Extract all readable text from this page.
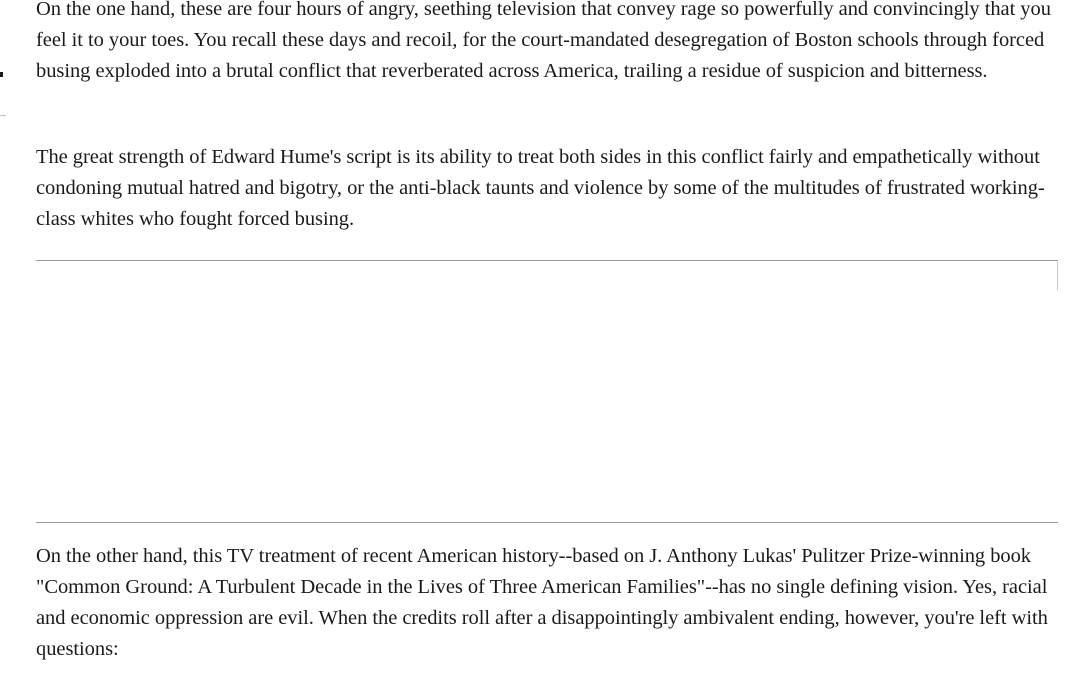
On the one hand, these are four hours of angry, seething television that convey rage so powerfully and convincingly that you feel it to your toes. You recall these days and recoil, for the court-mandated desegregation of Boston schools through forced busing exploded into a brutal conflict that reverberated across America, trailing a residue of suspicion and bitterness.

The great strength of Edward Hume's script is its ability to treat both sides in this conflict fairly and empathetically without condoning mutual hatred and bigotry, or the anti-black taunts and violence by some of the multitudes of frustrated working-class whites who fought forced busing.

On the other hand, this TV treatment of recent American history--based on J. Anthony Lukas' Pulitzer Prize-winning book "Common Ground: A Turbulent Decade in the Lives of Three American Families"--has no single defining vision. Yes, racial and economic oppression are evil. When the credits roll after a disappointingly ambivalent ending, however, you're left with questions:
